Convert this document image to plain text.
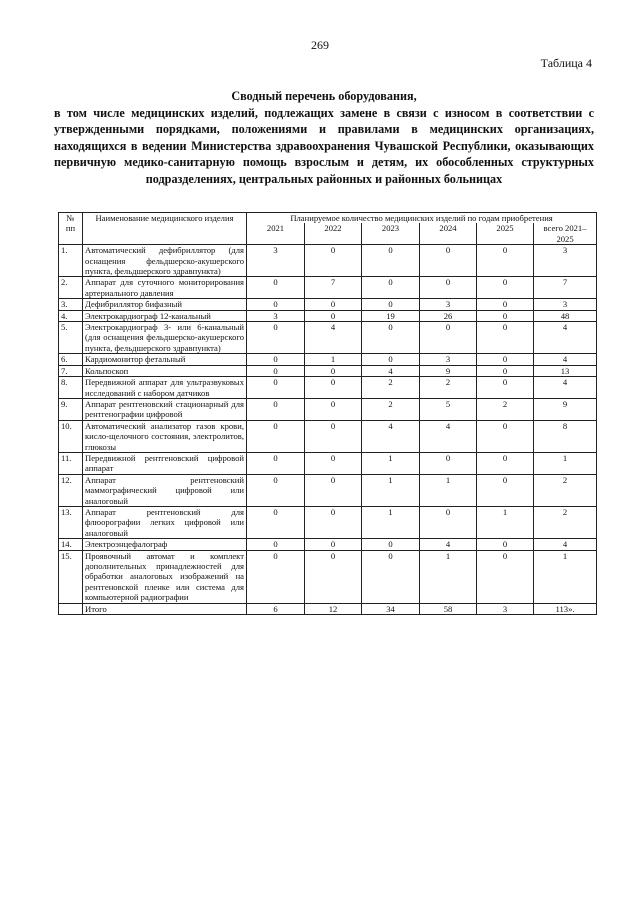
269
Таблица 4
Сводный перечень оборудования,
в том числе медицинских изделий, подлежащих замене в связи с износом в соответствии с утвержденными порядками, положениями и правилами в медицинских организациях, находящихся в ведении Министерства здравоохранения Чувашской Республики, оказывающих первичную медико-санитарную помощь взрослым и детям, их обособленных структурных подразделениях, центральных районных и районных больницах
№ пп	Наименование медицинского изделия	Планируемое количество медицинских изделий по годам приобретения					
		2021	2022	2023	2024	2025	всего 2021–2025
1.	Автоматический дефибриллятор (для оснащения фельдшерско-акушерского пункта, фельдшерского здравпункта)	3	0	0	0	0	3
2.	Аппарат для суточного мониторирования артериального давления	0	7	0	0	0	7
3.	Дефибриллятор бифазный	0	0	0	3	0	3
4.	Электрокардиограф 12-канальный	3	0	19	26	0	48
5.	Электрокардиограф 3- или 6-канальный (для оснащения фельдшерско-акушерского пункта, фельдшерского здравпункта)	0	4	0	0	0	4
6.	Кардиомонитор фетальный	0	1	0	3	0	4
7.	Кольпоскоп	0	0	4	9	0	13
8.	Передвижной аппарат для ультразвуковых исследований с набором датчиков	0	0	2	2	0	4
9.	Аппарат рентгеновский стационарный для рентгенографии цифровой	0	0	2	5	2	9
10.	Автоматический анализатор газов крови, кисло-щелочного состояния, электролитов, глюкозы	0	0	4	4	0	8
11.	Передвижной рентгеновский цифровой аппарат	0	0	1	0	0	1
12.	Аппарат рентгеновский маммографический цифровой или аналоговый	0	0	1	1	0	2
13.	Аппарат рентгеновский для флюорографии легких цифровой или аналоговый	0	0	1	0	1	2
14.	Электроэнцефалограф	0	0	0	4	0	4
15.	Проявочный автомат и комплект дополнительных принадлежностей для обработки аналоговых изображений на рентгеновской пленке или система для компьютерной радиографии	0	0	0	1	0	1
	Итого	6	12	34	58	3	113».
